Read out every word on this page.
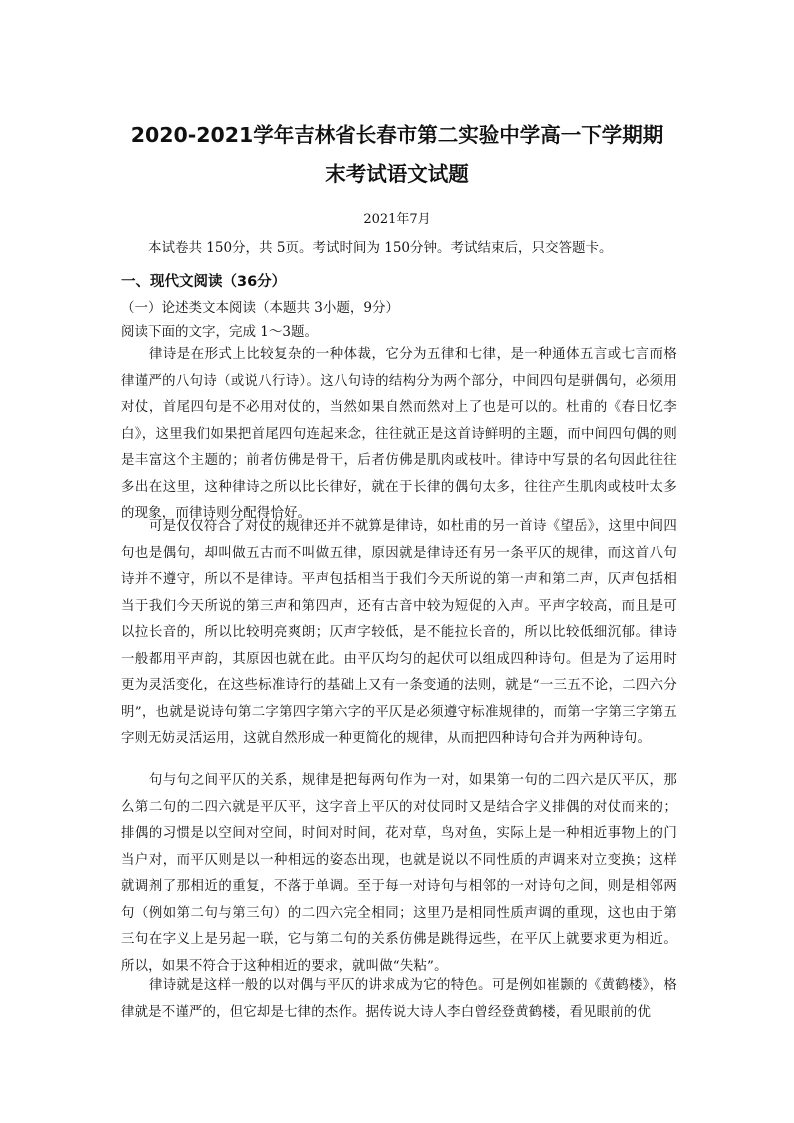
2020-2021学年吉林省长春市第二实验中学高一下学期期
末考试语文试题
2021年7月
本试卷共 150分，共 5页。考试时间为 150分钟。考试结束后，只交答题卡。
一、现代文阅读（36分）
（一）论述类文本阅读（本题共 3小题，9分）
阅读下面的文字，完成 1～3题。

律诗是在形式上比较复杂的一种体裁，它分为五律和七律，是一种通体五言或七言而格律谨严的八句诗（或说八行诗）。这八句诗的结构分为两个部分，中间四句是骈偶句，必须用对仗，首尾四句是不必用对仗的，当然如果自然而然对上了也是可以的。杜甫的《春日忆李白》，这里我们如果把首尾四句连起来念，往往就正是这首诗鲜明的主题，而中间四句偶的则是丰富这个主题的；前者仿佛是骨干，后者仿佛是肌肉或枝叶。律诗中写景的名句因此往往多出在这里，这种律诗之所以比长律好，就在于长律的偶句太多，往往产生肌肉或枝叶太多的现象，而律诗则分配得恰好。

可是仅仅符合了对仗的规律还并不就算是律诗，如杜甫的另一首诗《望岳》，这里中间四句也是偶句，却叫做五古而不叫做五律，原因就是律诗还有另一条平仄的规律，而这首八句诗并不遵守，所以不是律诗。平声包括相当于我们今天所说的第一声和第二声，仄声包括相当于我们今天所说的第三声和第四声，还有古音中较为短促的入声。平声字较高，而且是可以拉长音的，所以比较明亮爽朗；仄声字较低，是不能拉长音的，所以比较低细沉郁。律诗一般都用平声韵，其原因也就在此。由平仄均匀的起伏可以组成四种诗句。但是为了运用时更为灵活变化，在这些标准诗行的基础上又有一条变通的法则，就是“一三五不论，二四六分明”，也就是说诗句第二字第四字第六字的平仄是必须遵守标准规律的，而第一字第三字第五字则无妨灵活运用，这就自然形成一种更简化的规律，从而把四种诗句合并为两种诗句。

句与句之间平仄的关系，规律是把每两句作为一对，如果第一句的二四六是仄平仄，那么第二句的二四六就是平仄平，这字音上平仄的对仗同时又是结合字义排偶的对仗而来的；排偶的习惯是以空间对空间，时间对时间，花对草，鸟对鱼，实际上是一种相近事物上的门当户对，而平仄则是以一种相远的姿态出现，也就是说以不同性质的声调来对立变换；这样就调剂了那相近的重复，不落于单调。至于每一对诗句与相邻的一对诗句之间，则是相邻两句（例如第二句与第三句）的二四六完全相同；这里乃是相同性质声调的重现，这也由于第三句在字义上是另起一联，它与第二句的关系仿佛是跳得远些，在平仄上就要求更为相近。所以，如果不符合于这种相近的要求，就叫做“失粘”。

律诗就是这样一般的以对偶与平仄的讲求成为它的特色。可是例如崔颢的《黄鹤楼》，格律就是不谨严的，但它却是七律的杰作。据传说大诗人李白曾经登黄鹤楼，看见眼前的优
